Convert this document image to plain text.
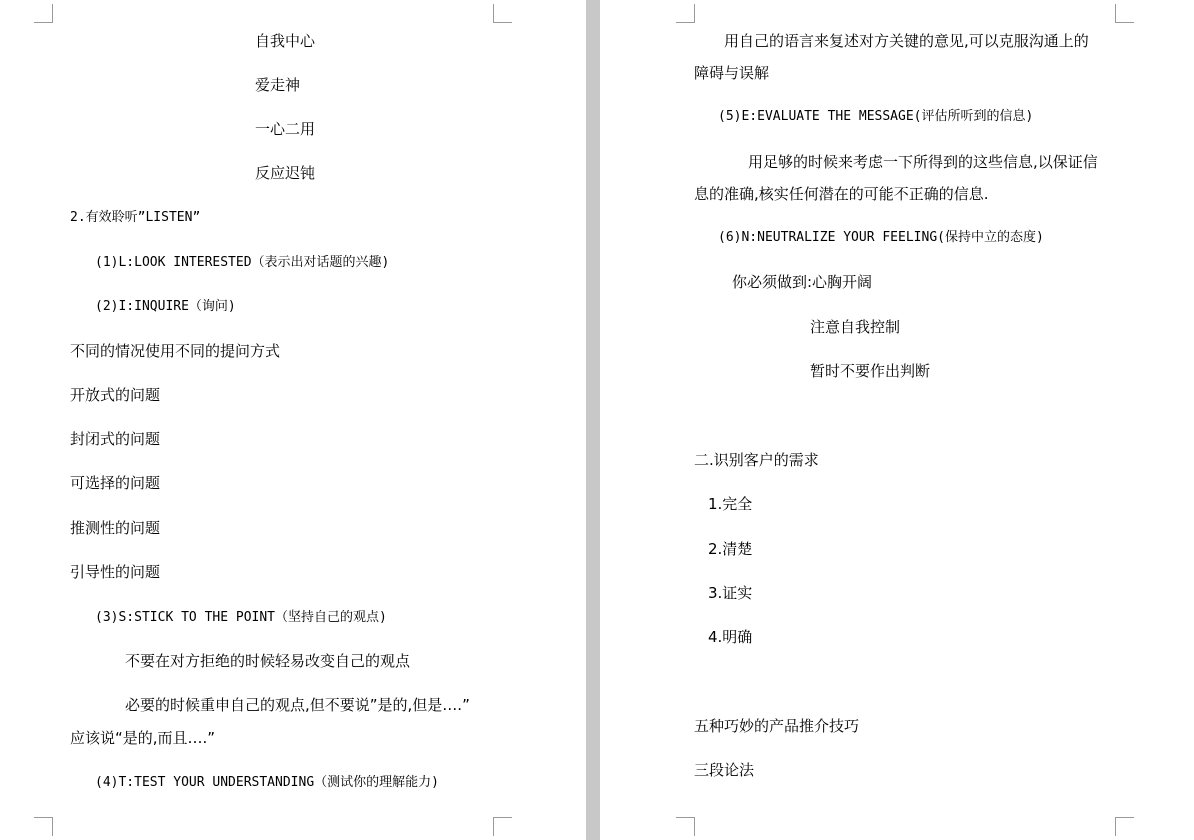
自我中心
爱走神
一心二用
反应迟钝
2.有效聆听”LISTEN”
(1)L:LOOK INTERESTED（表示出对话题的兴趣)
(2)I:INQUIRE（询问)
不同的情况使用不同的提问方式
开放式的问题
封闭式的问题
可选择的问题
推测性的问题
引导性的问题
(3)S:STICK TO THE POINT（坚持自己的观点)
不要在对方拒绝的时候轻易改变自己的观点
必要的时候重申自己的观点,但不要说”是的,但是….”
应该说“是的,而且….”
(4)T:TEST YOUR UNDERSTANDING（测试你的理解能力)
用自己的语言来复述对方关键的意见,可以克服沟通上的
障碍与误解
(5)E:EVALUATE THE MESSAGE(评估所听到的信息)
用足够的时候来考虑一下所得到的这些信息,以保证信
息的准确,核实任何潜在的可能不正确的信息.
(6)N:NEUTRALIZE YOUR FEELING(保持中立的态度)
你必须做到:心胸开阔
注意自我控制
暂时不要作出判断
二.识别客户的需求
1.完全
2.清楚
3.证实
4.明确
五种巧妙的产品推介技巧
三段论法
